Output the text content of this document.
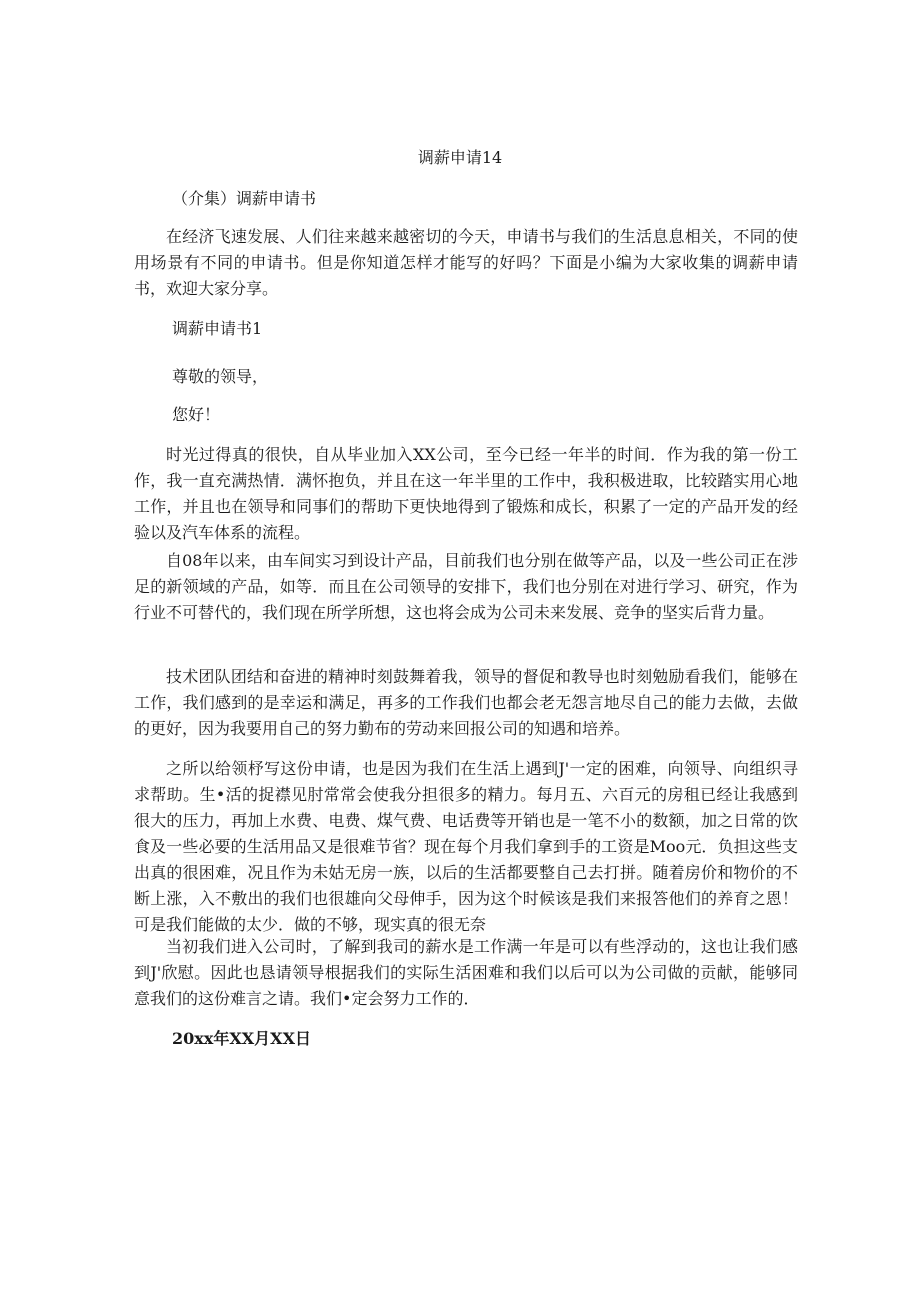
调薪申请14

（介集）调薪申请书

在经济飞速发展、人们往来越来越密切的今天，申请书与我们的生活息息相关，不同的使用场景有不同的申请书。但是你知道怎样才能写的好吗？下面是小编为大家收集的调薪申请书，欢迎大家分享。

调薪申请书1

尊敬的领导，

您好！

时光过得真的很快，自从毕业加入XX公司，至今已经一年半的时间．作为我的第一份工作，我一直充满热情．满怀抱负，并且在这一年半里的工作中，我积极进取，比较踏实用心地工作，并且也在领导和同事们的帮助下更快地得到了锻炼和成长，积累了一定的产品开发的经验以及汽车体系的流程。

自08年以来，由车间实习到设计产品，目前我们也分别在做等产品，以及一些公司正在涉足的新领域的产品，如等．而且在公司领导的安排下，我们也分别在对进行学习、研究，作为行业不可替代的，我们现在所学所想，这也将会成为公司未来发展、竞争的坚实后背力量。

技术团队团结和奋进的精神时刻鼓舞着我，领导的督促和教导也时刻勉励看我们，能够在工作，我们感到的是幸运和满足，再多的工作我们也都会老无怨言地尽自己的能力去做，去做的更好，因为我要用自己的努力勤布的劳动来回报公司的知遇和培养。

之所以给领杼写这份申请，也是因为我们在生活上遇到J'一定的困难，向领导、向组织寻求帮助。生•活的捉襟见肘常常会使我分担很多的精力。每月五、六百元的房租已经让我感到很大的压力，再加上水费、电费、煤气费、电话费等开销也是一笔不小的数额，加之日常的饮食及一些必要的生活用品又是很难节省？现在每个月我们拿到手的工资是Moo元．负担这些支出真的很困难，况且作为未姑无房一族，以后的生活都要整自己去打拼。随着房价和物价的不断上涨，入不敷出的我们也很雄向父母伸手，因为这个时候该是我们来报答他们的养育之恩！可是我们能做的太少．做的不够，现实真的很无奈

当初我们进入公司时，了解到我司的薪水是工作满一年是可以有些浮动的，这也让我们感到J'欣慰。因此也恳请领导根据我们的实际生活困难和我们以后可以为公司做的贡献，能够同意我们的这份难言之请。我们•定会努力工作的．

20xx年XX月XX日
